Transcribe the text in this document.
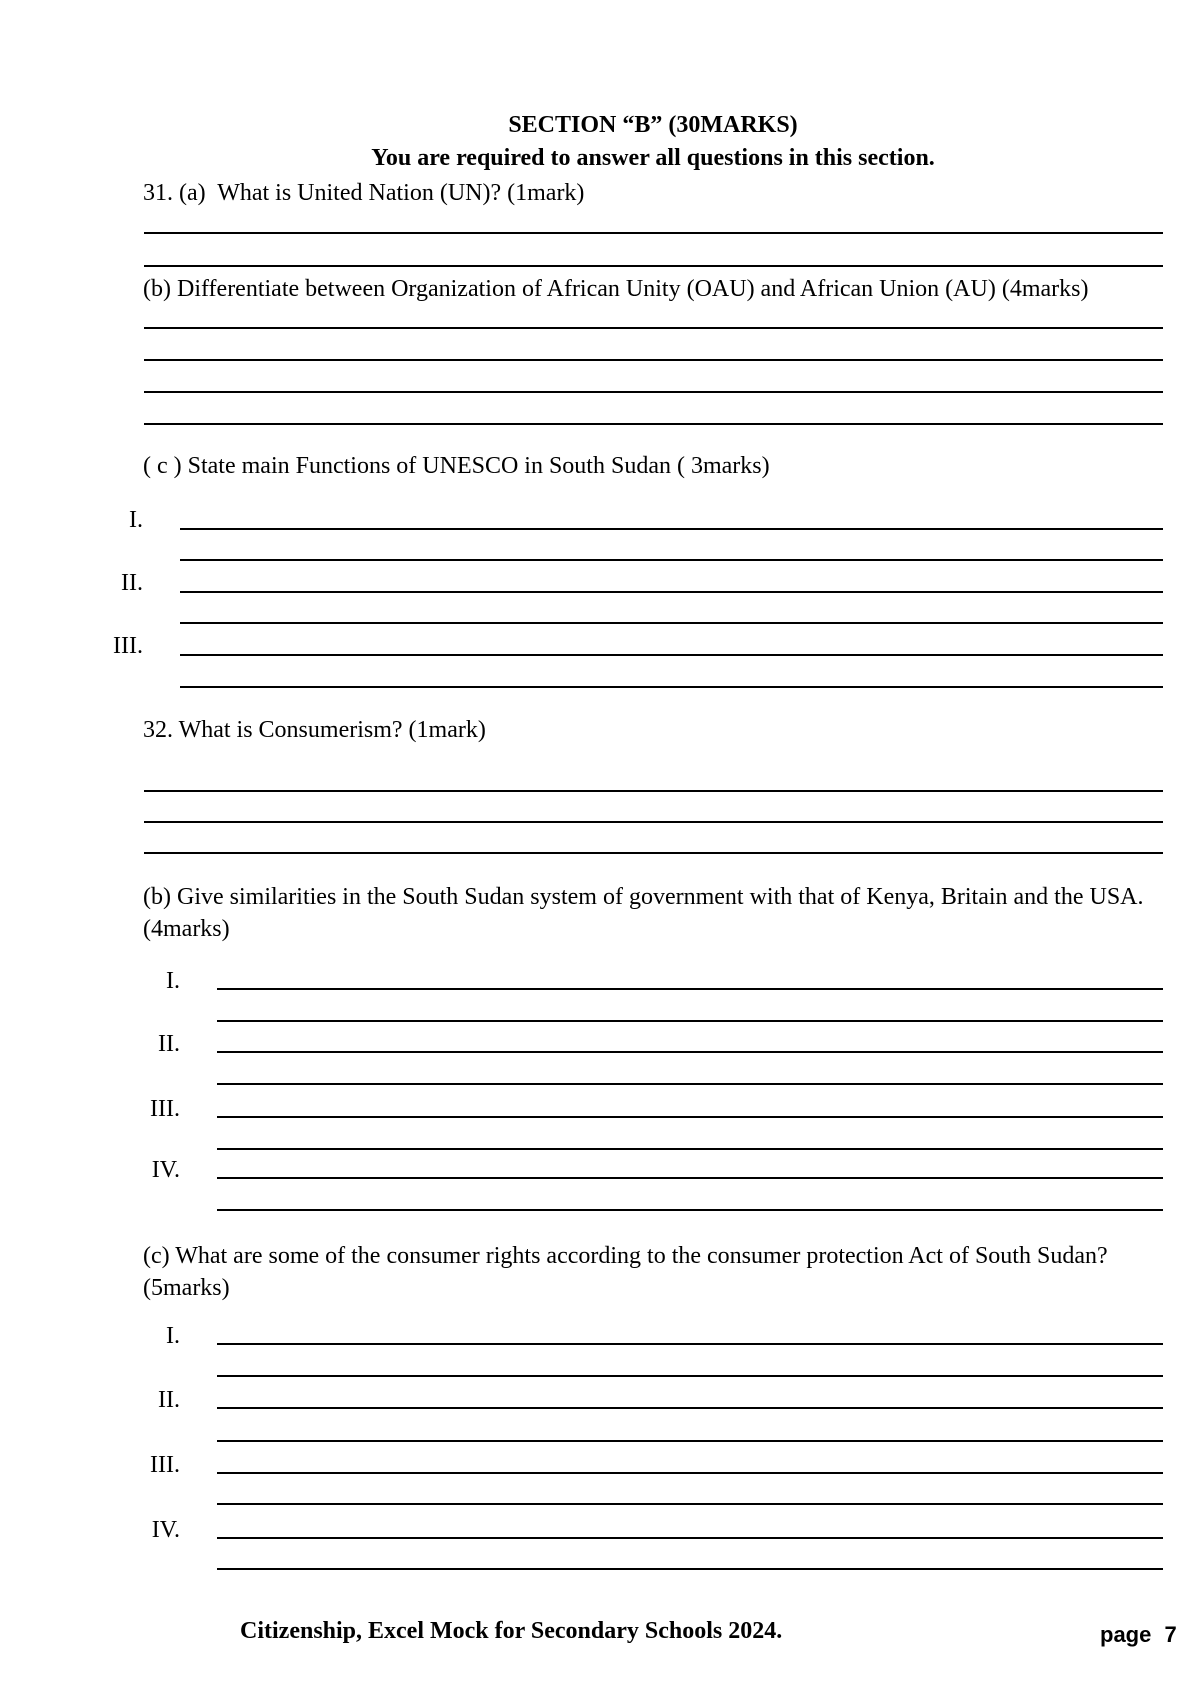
SECTION “B” (30MARKS)
You are required to answer all questions in this section.
31. (a)  What is United Nation (UN)? (1mark)
(b) Differentiate between Organization of African Unity (OAU) and African Union (AU) (4marks)
( c ) State main Functions of UNESCO in South Sudan ( 3marks)
I.
II.
III.
32. What is Consumerism? (1mark)
(b) Give similarities in the South Sudan system of government with that of Kenya, Britain and the USA.
(4marks)
I.
II.
III.
IV.
(c) What are some of the consumer rights according to the consumer protection Act of South Sudan?
(5marks)
I.
II.
III.
IV.
Citizenship, Excel Mock for Secondary Schools 2024.	page 7
